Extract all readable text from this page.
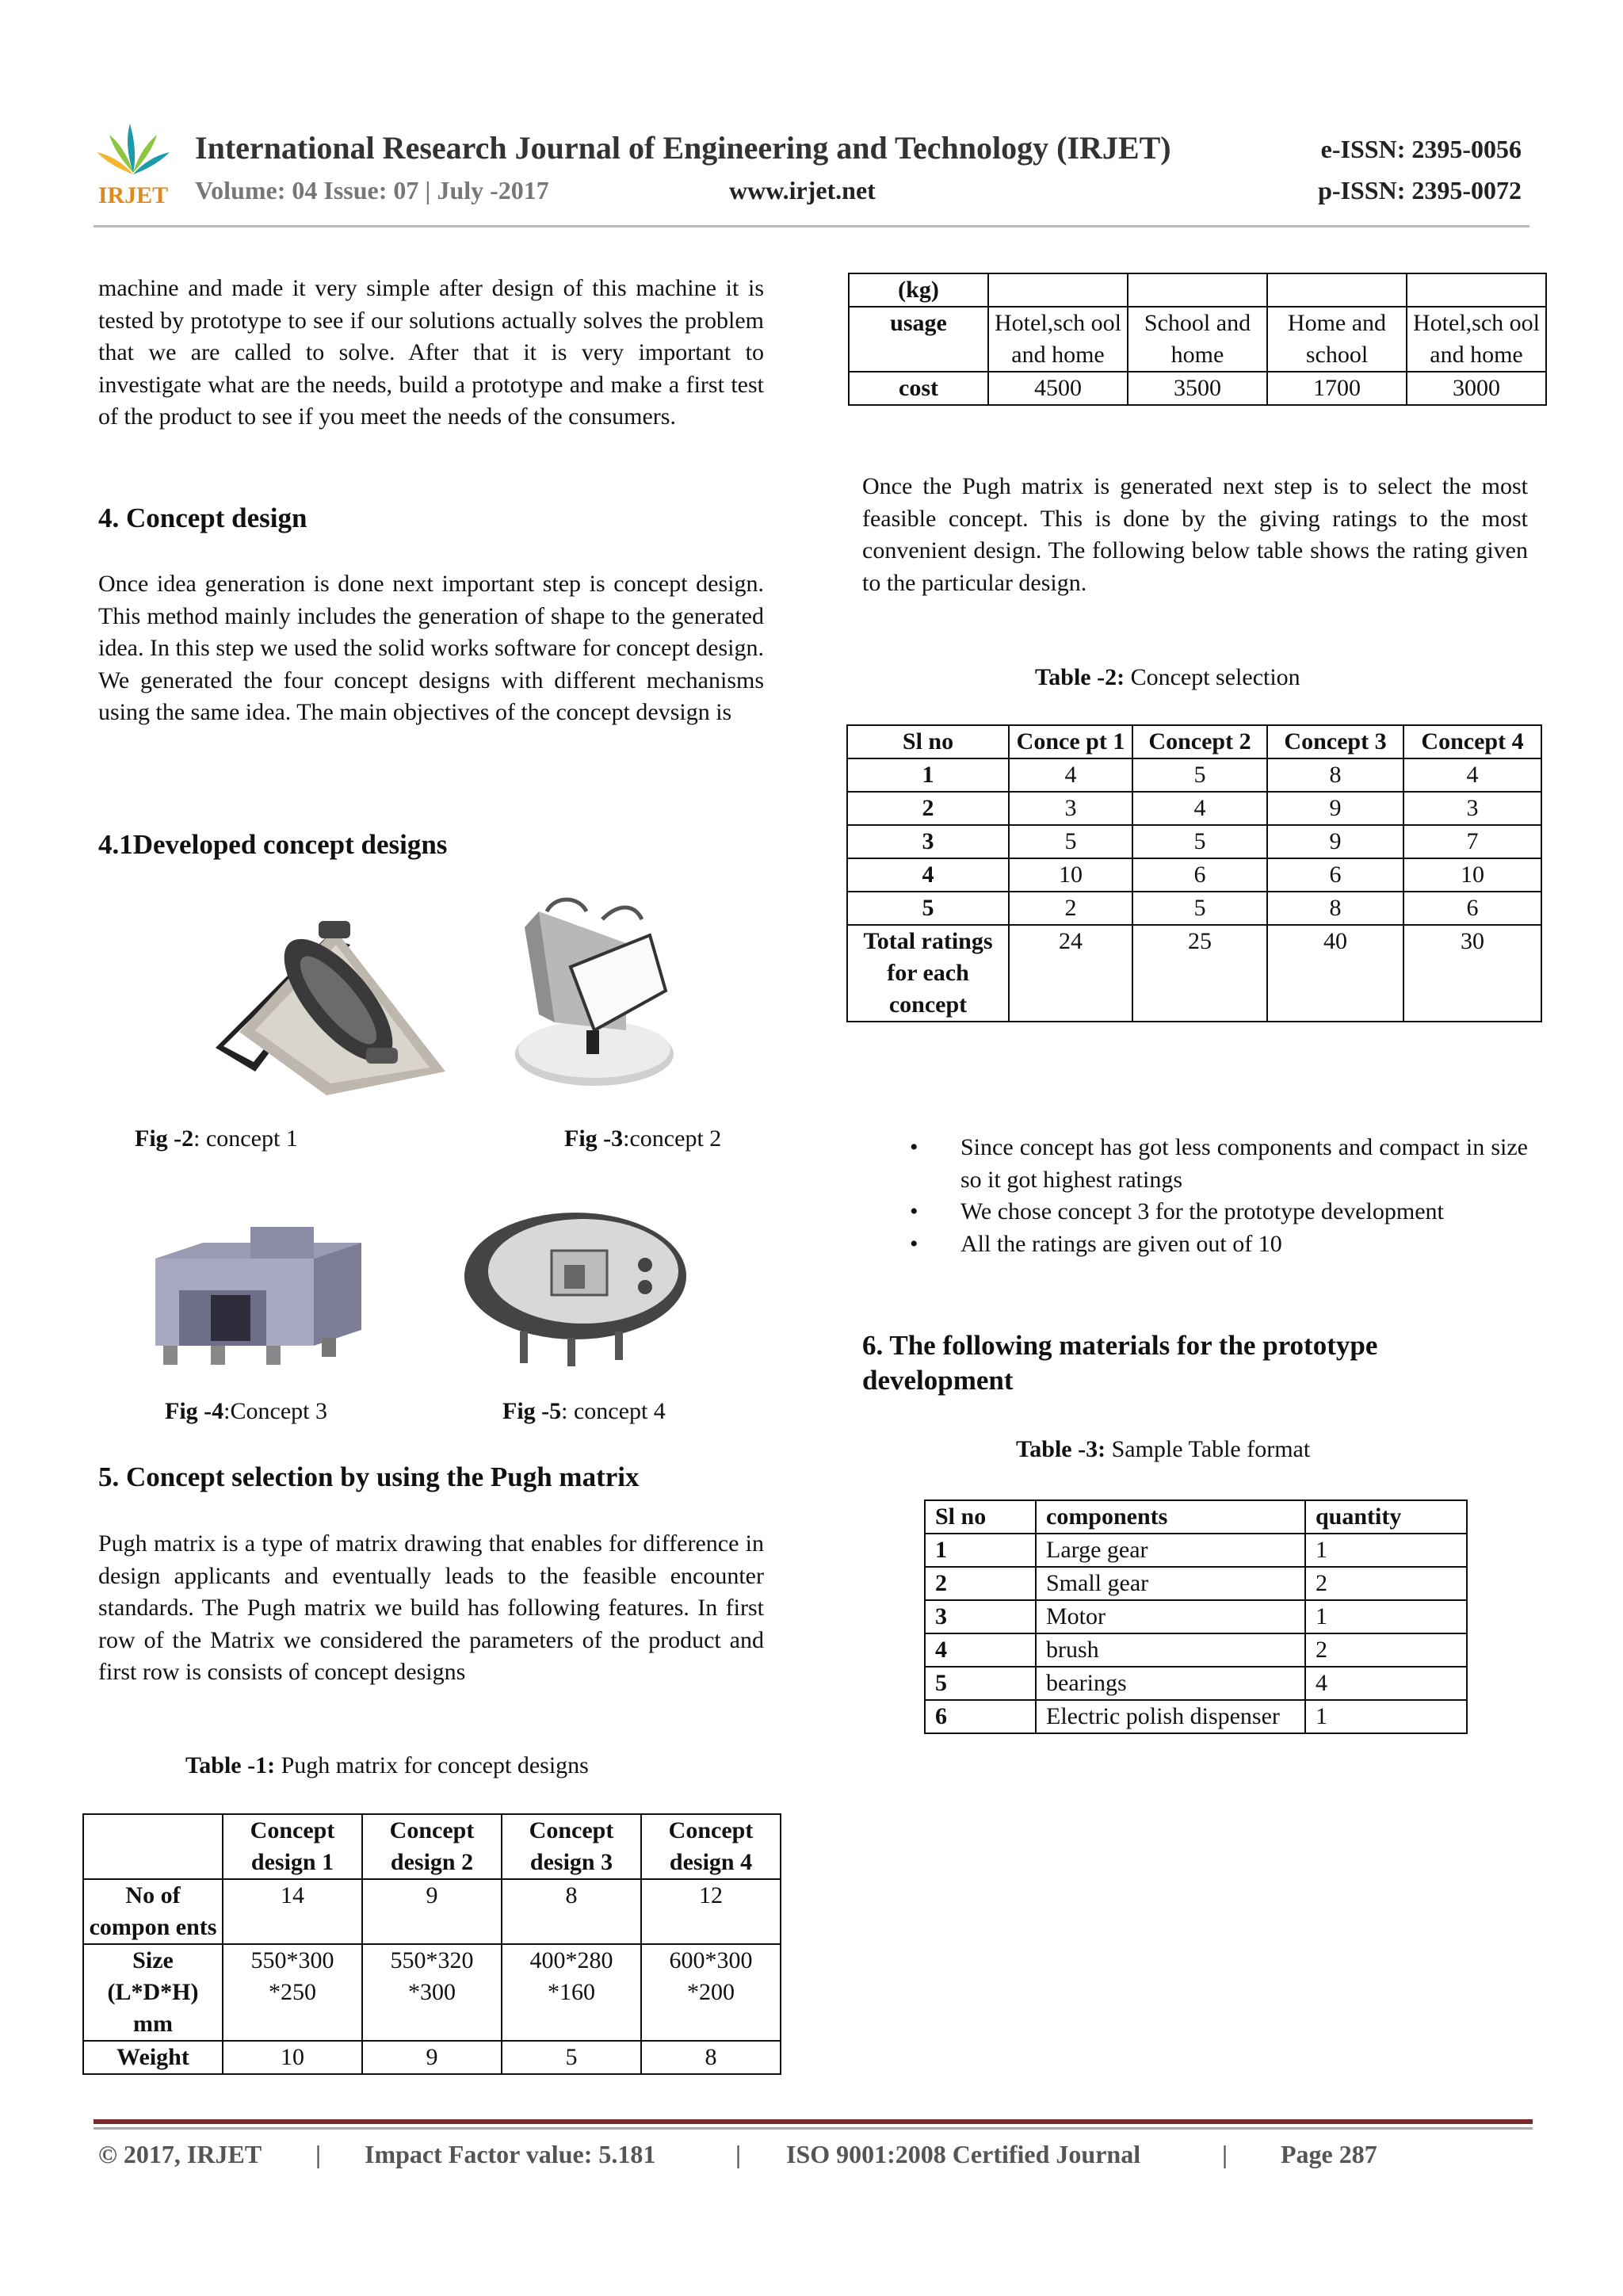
IRJET
International Research Journal of Engineering and Technology (IRJET)
Volume: 04 Issue: 07 | July -2017	www.irjet.net
e-ISSN: 2395-0056
p-ISSN: 2395-0072
machine and made it very simple after design of this machine it is tested by prototype to see if our solutions actually solves the problem that we are called to solve. After that it is very important to investigate what are the needs, build a prototype and make a first test of the product to see if you meet the needs of the consumers.
4. Concept design
Once idea generation is done next important step is concept design. This method mainly includes the generation of shape to the generated idea. In this step we used the solid works software for concept design. We generated the four concept designs with different mechanisms using the same idea. The main objectives of the concept devsign is
4.1Developed concept designs
Fig -2: concept 1	Fig -3:concept 2
Fig -4:Concept 3	Fig -5: concept 4
5. Concept selection by using the Pugh matrix
Pugh matrix is a type of matrix drawing that enables for difference in design applicants and eventually leads to the feasible encounter standards. The Pugh matrix we build has following features. In first row of the Matrix we considered the parameters of the product and first row is consists of concept designs
Table -1: Pugh matrix for concept designs
	Concept design 1	Concept design 2	Concept design 3	Concept design 4
No of compon ents	14	9	8	12
Size (L*D*H) mm	550*300 *250	550*320 *300	400*280 *160	600*300 *200
Weight	10	9	5	8
(kg)				
usage	Hotel,sch ool and home	School and home	Home and school	Hotel,sch ool and home
cost	4500	3500	1700	3000
Once the Pugh matrix is generated next step is to select the most feasible concept. This is done by the giving ratings to the most convenient design. The following below table shows the rating given to the particular design.
Table -2: Concept selection
Sl no	Conce pt 1	Concept 2	Concept 3	Concept 4
1	4	5	8	4
2	3	4	9	3
3	5	5	9	7
4	10	6	6	10
5	2	5	8	6
Total ratings for each concept	24	25	40	30
• Since concept has got less components and compact in size so it got highest ratings
• We chose concept 3 for the prototype development
• All the ratings are given out of 10
6. The following materials for the prototype development
Table -3: Sample Table format
Sl no	components	quantity
1	Large gear	1
2	Small gear	2
3	Motor	1
4	brush	2
5	bearings	4
6	Electric polish dispenser	1
© 2017, IRJET | Impact Factor value: 5.181	| ISO 9001:2008 Certified Journal	| Page 287
